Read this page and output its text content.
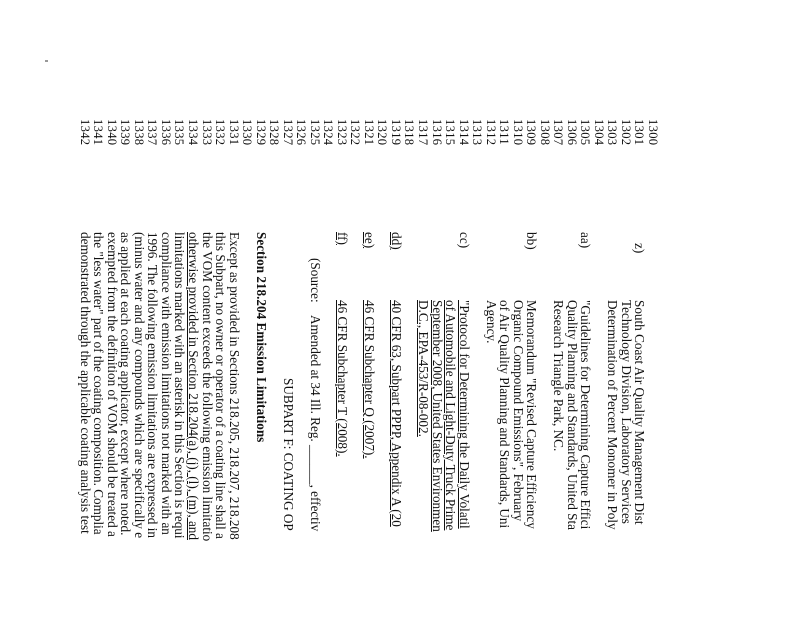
1300
1301
z)
South Coast Air Quality Management Dist
1302
Technology Division, Laboratory Services
1303
Determination of Percent Monomer in Poly
1304
1305
aa)
"Guidelines for Determining Capture Effici
1306
Quality Planning and Standards, United Sta
1307
Research Triangle Park, NC.
1308
1309
bb)
Memorandum "Revised Capture Efficiency
1310
Organic Compound Emissions", February
1311
of Air Quality Planning and Standards, Uni
1312
Agency.
1313
1314
cc)
"Protocol for Determining the Daily Volatil
1315
of Automobile and Light-Duty Truck Prime
1316
September 2008, United States Environmen
1317
D.C., EPA-453/R-08-002.
1318
1319
dd)
40 CFR 63, Subpart PPPP, Appendix A (20
1320
1321
ee)
46 CFR Subchapter Q (2007).
1322
1323
ff)
46 CFR Subchapter T (2008).
1324
1325
(Source:
Amended at 34 Ill. Reg. ______, effectiv
1326
1327
SUBPART F: COATING OP
1328
1329
Section 218.204 Emission Limitations
1330
1331
Except as provided in Sections 218.205, 218.207, 218.208
1332
this Subpart, no owner or operator of a coating line shall a
1333
the VOM content exceeds the following emission limitatio
1334
otherwise provided in Section 218.204(a), (j), (l), (m), and
1335
limitations marked with an asterisk in this Section is requi
1336
compliance with emission limitations not marked with an
1337
1996. The following emission limitations are expressed in
1338
(minus water and any compounds which are specifically e
1339
as applied at each coating applicator, except where noted.
1340
exempted from the definition of VOM should be treated a
1341
the "less water" part of the coating composition. Complia
1342
demonstrated through the applicable coating analysis test
